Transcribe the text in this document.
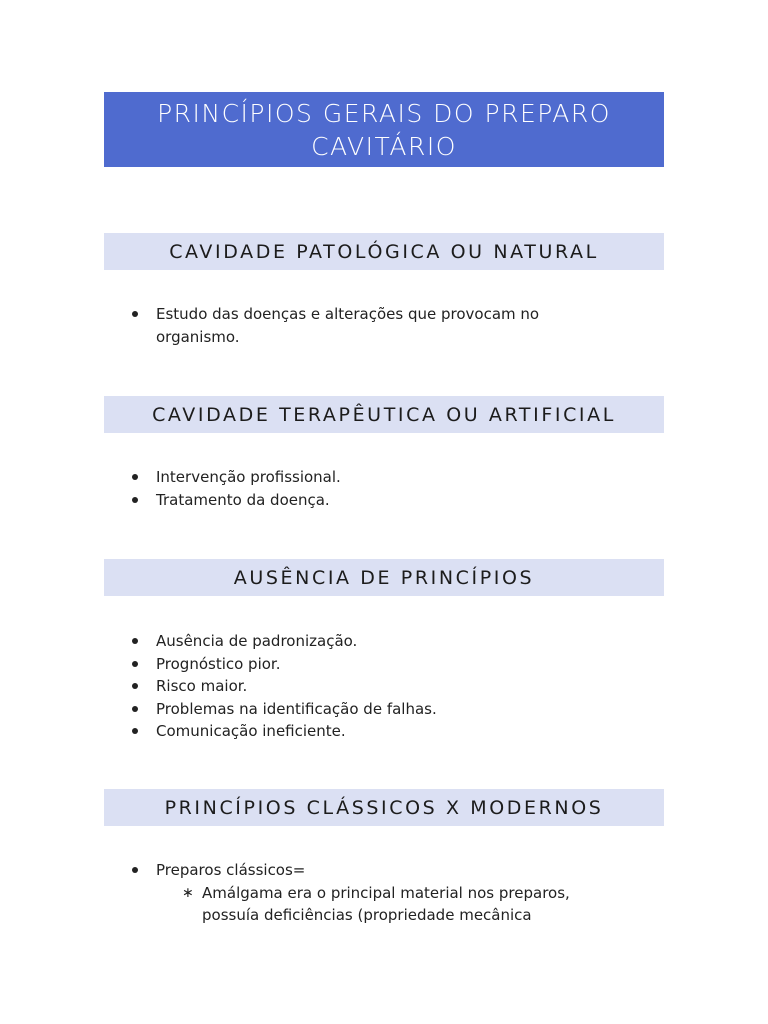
PRINCÍPIOS GERAIS DO PREPARO
CAVITÁRIO
CAVIDADE PATOLÓGICA OU NATURAL
Estudo das doenças e alterações que provocam no organismo.
CAVIDADE TERAPÊUTICA OU ARTIFICIAL
Intervenção profissional.
Tratamento da doença.
AUSÊNCIA DE PRINCÍPIOS
Ausência de padronização.
Prognóstico pior.
Risco maior.
Problemas na identificação de falhas.
Comunicação ineficiente.
PRINCÍPIOS CLÁSSICOS X MODERNOS
Preparos clássicos=
∗ Amálgama era o principal material nos preparos, possuía deficiências (propriedade mecânica
